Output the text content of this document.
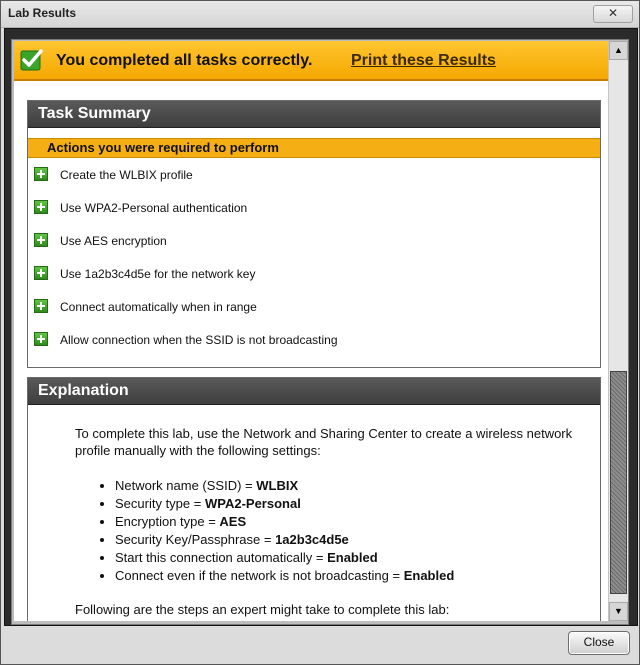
Lab Results	✕
You completed all tasks correctly. Print these Results
Task Summary
Actions you were required to perform
Create the WLBIX profile
Use WPA2-Personal authentication
Use AES encryption
Use 1a2b3c4d5e for the network key
Connect automatically when in range
Allow connection when the SSID is not broadcasting
Explanation

To complete this lab, use the Network and Sharing Center to create a wireless network profile manually with the following settings:

• Network name (SSID) = WLBIX
• Security type = WPA2-Personal
• Encryption type = AES
• Security Key/Passphrase = 1a2b3c4d5e
• Start this connection automatically = Enabled
• Connect even if the network is not broadcasting = Enabled

Following are the steps an expert might take to complete this lab:

▲
▼
Close
